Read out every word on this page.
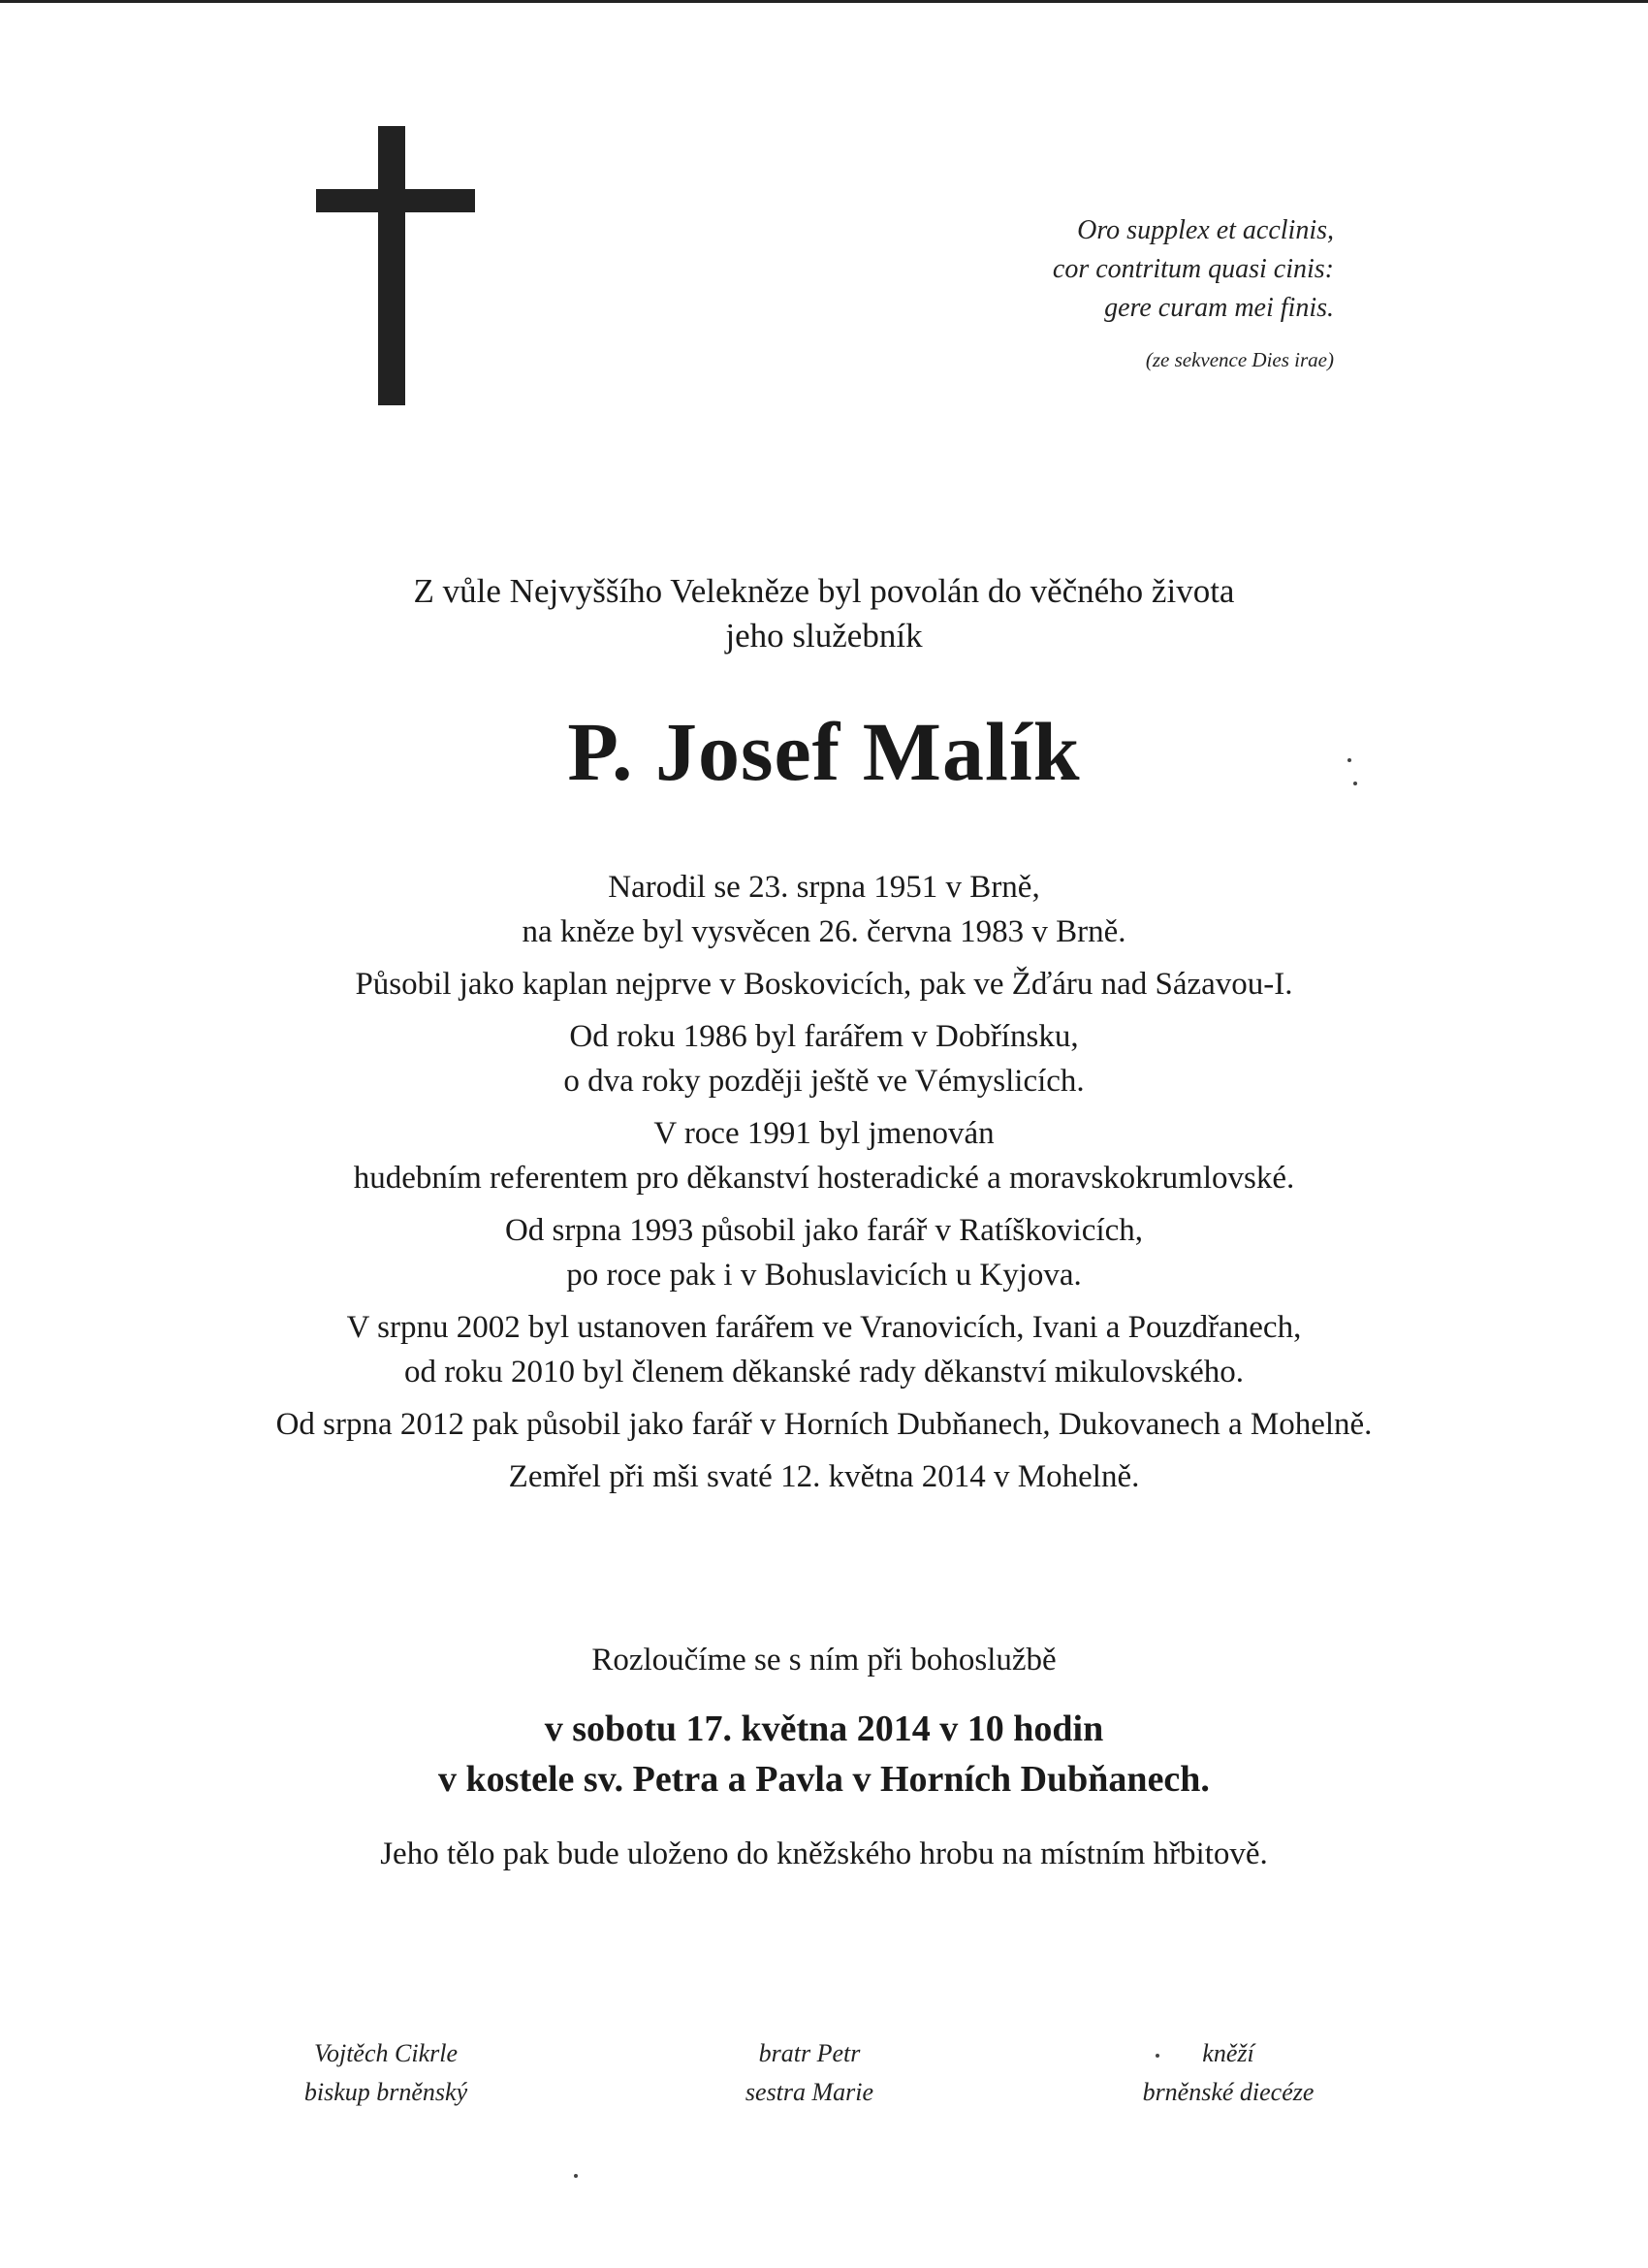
Oro supplex et acclinis,
cor contritum quasi cinis:
gere curam mei finis.
(ze sekvence Dies irae)
Z vůle Nejvyššího Velekněze byl povolán do věčného života
jeho služebník
P. Josef Malík
Narodil se 23. srpna 1951 v Brně,
na kněze byl vysvěcen 26. června 1983 v Brně.
Působil jako kaplan nejprve v Boskovicích, pak ve Žďáru nad Sázavou-I.
Od roku 1986 byl farářem v Dobřínsku,
o dva roky později ještě ve Vémyslicích.
V roce 1991 byl jmenován
hudebním referentem pro děkanství hosteradické a moravskokrumlovské.
Od srpna 1993 působil jako farář v Ratíškovicích,
po roce pak i v Bohuslavicích u Kyjova.
V srpnu 2002 byl ustanoven farářem ve Vranovicích, Ivani a Pouzdřanech,
od roku 2010 byl členem děkanské rady děkanství mikulovského.
Od srpna 2012 pak působil jako farář v Horních Dubňanech, Dukovanech a Mohelně.
Zemřel při mši svaté 12. května 2014 v Mohelně.
Rozloučíme se s ním při bohoslužbě
v sobotu 17. května 2014 v 10 hodin
v kostele sv. Petra a Pavla v Horních Dubňanech.
Jeho tělo pak bude uloženo do kněžského hrobu na místním hřbitově.
Vojtěch Cikrle
biskup brněnský
bratr Petr
sestra Marie
kněží
brněnské diecéze
